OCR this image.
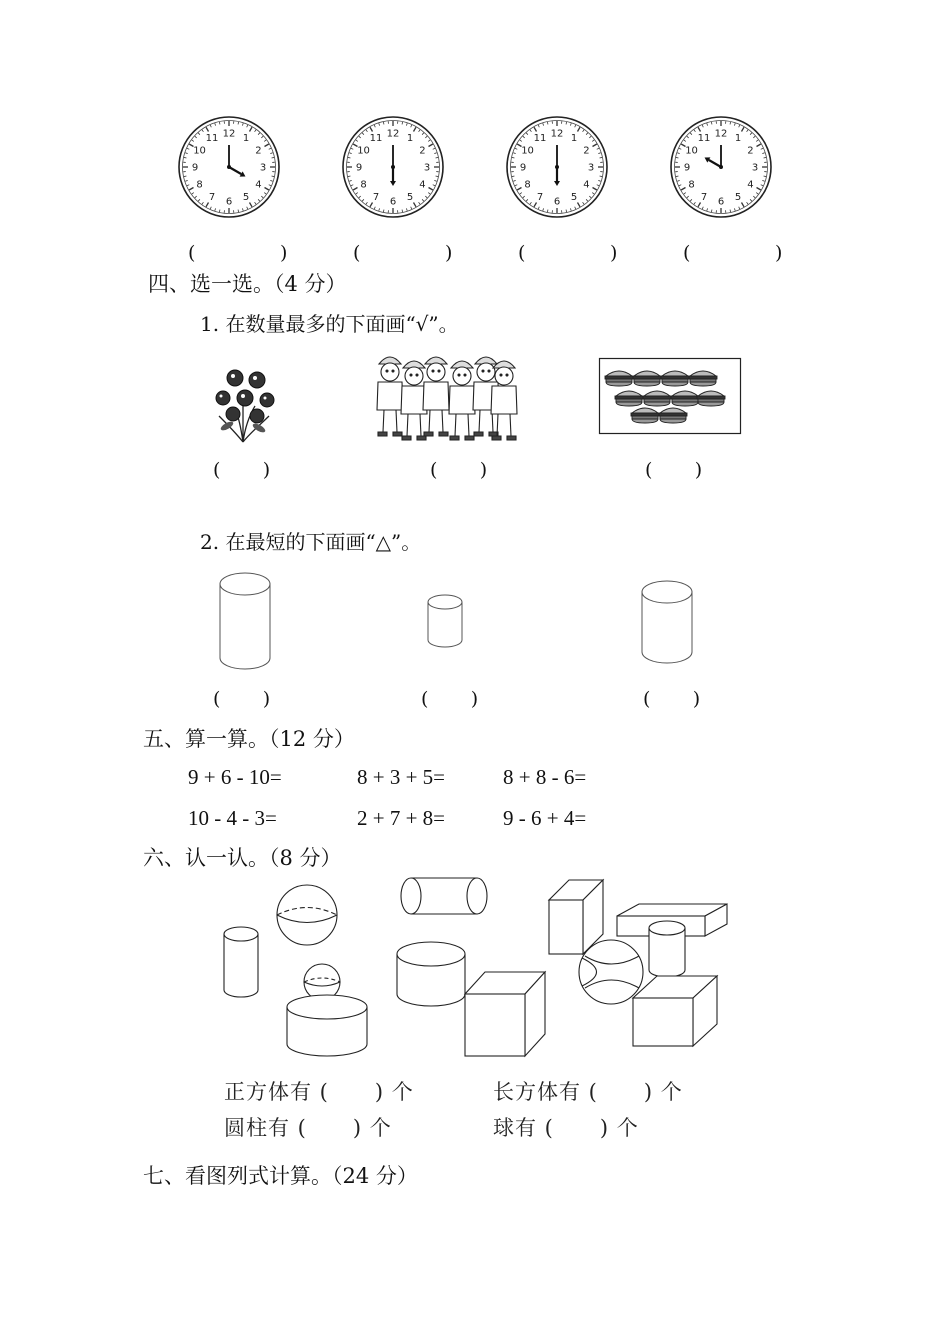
12 1
2
3
4
5
6
7
8
9
10
11	12 1
2
3
4
5
6
7
8
9
10
11	12 1
2
3
4
5
6
7
8
9
10
11	12 1
2
3
4
5
6
7
8
9
10
11
(              )	(              )	(              )	(              )
四、选一选。（4 分）
1. 在数量最多的下面画“√”。
(       )	(       )	(       )
2. 在最短的下面画“△”。
(       )	(       )	(       )
五、算一算。（12 分）
9 + 6 - 10=	8 + 3 + 5=	8 + 8 - 6=
10 - 4 - 3=	2 + 7 + 8=	9 - 6 + 4=
六、认一认。（8 分）
正方体有 (      ) 个	长方体有 (      ) 个
圆柱有 (      ) 个	球有 (      ) 个
七、看图列式计算。（24 分）
